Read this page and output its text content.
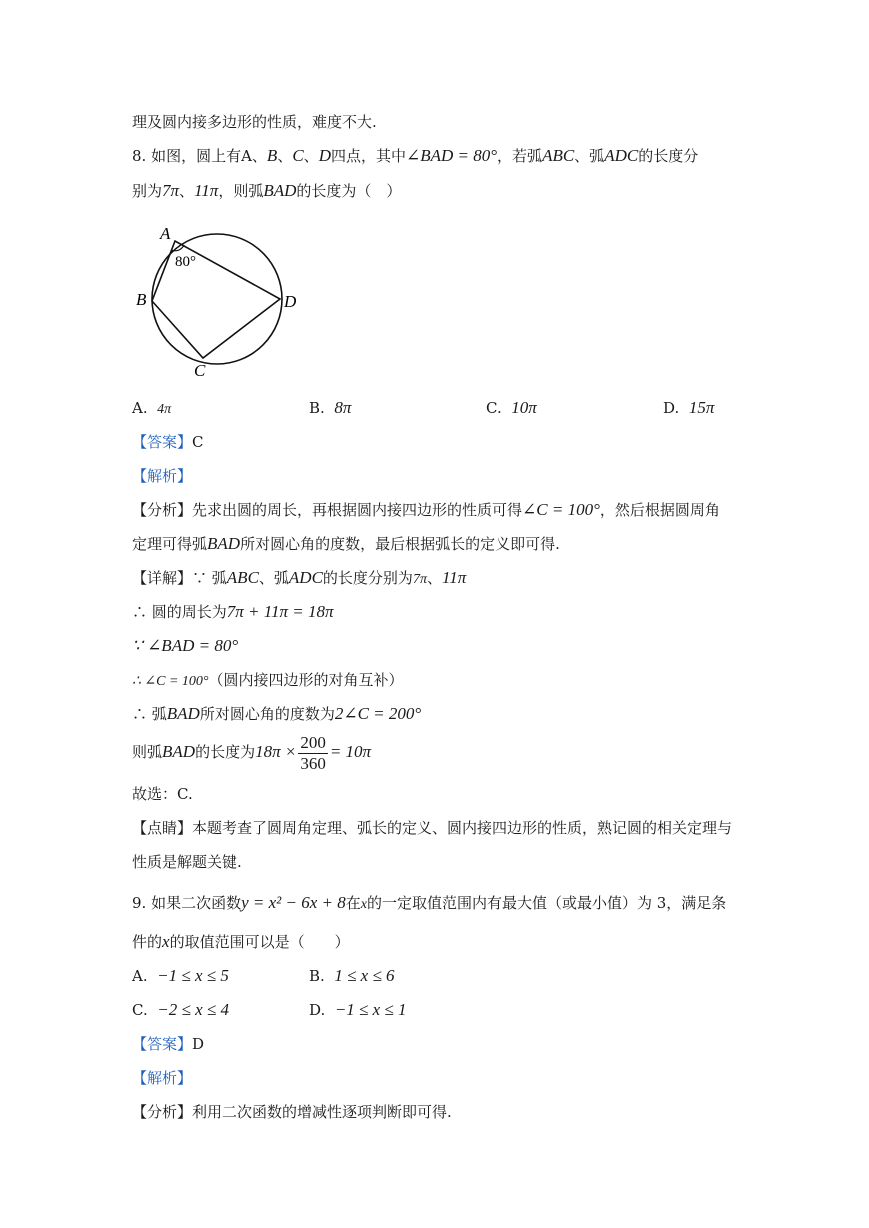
理及圆内接多边形的性质，难度不大.
8. 如图，圆上有A、B、C、D四点，其中∠BAD = 80°，若弧ABC、弧ADC的长度分
别为7π、11π，则弧BAD的长度为（　）
A
80°
B
C
D
A. 4π	B. 8π	C. 10π	D. 15π
【答案】C
【解析】
【分析】先求出圆的周长，再根据圆内接四边形的性质可得∠C = 100°，然后根据圆周角
定理可得弧BAD所对圆心角的度数，最后根据弧长的定义即可得.
【详解】∵ 弧ABC、弧ADC的长度分别为7π、11π
∴ 圆的周长为7π + 11π = 18π
∵ ∠BAD = 80°
∴ ∠C = 100°（圆内接四边形的对角互补）
∴ 弧BAD所对圆心角的度数为2∠C = 200°
则弧BAD的长度为$18\pi \times \frac{200}{360} = 10\pi$
故选：C.
【点睛】本题考查了圆周角定理、弧长的定义、圆内接四边形的性质，熟记圆的相关定理与
性质是解题关键.
9. 如果二次函数y = x² − 6x + 8在x的一定取值范围内有最大值（或最小值）为 3，满足条
件的x的取值范围可以是（　　）
A. −1 ≤ x ≤ 5	B. 1 ≤ x ≤ 6
C. −2 ≤ x ≤ 4	D. −1 ≤ x ≤ 1
【答案】D
【解析】
【分析】利用二次函数的增减性逐项判断即可得.
